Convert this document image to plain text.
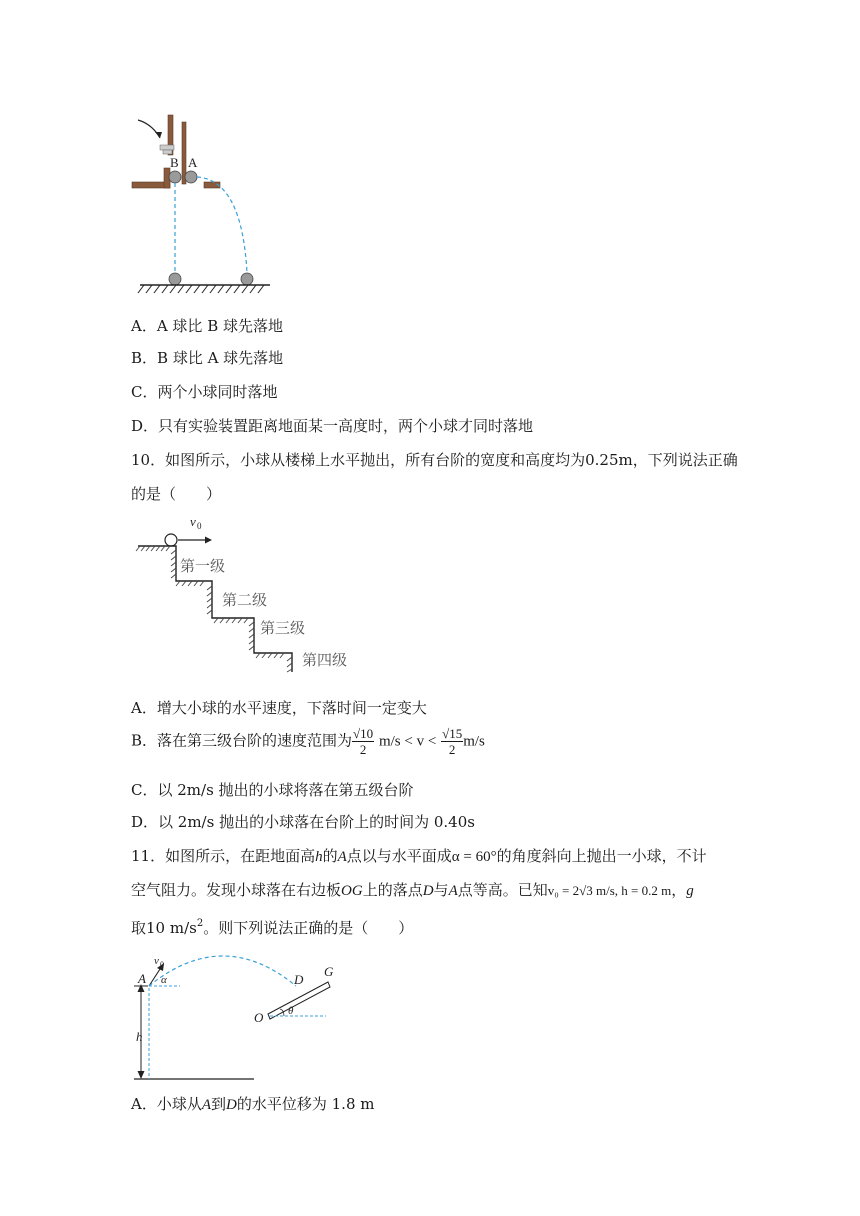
B A
A．A 球比 B 球先落地
B．B 球比 A 球先落地
C．两个小球同时落地
D．只有实验装置距离地面某一高度时，两个小球才同时落地
10．如图所示，小球从楼梯上水平抛出，所有台阶的宽度和高度均为0.25m，下列说法正确
的是（　　）
v 0
第一级
第二级
第三级
第四级
A．增大小球的水平速度，下落时间一定变大
B．落在第三级台阶的速度范围为 $\frac{√10}{2} m/s < v < \frac{√15}{2} m/s$
C．以 2m/s 抛出的小球将落在第五级台阶
D．以 2m/s 抛出的小球落在台阶上的时间为 0.40s
11．如图所示，在距地面高h的A点以与水平面成α = 60°的角度斜向上抛出一小球，不计
空气阻力。发现小球落在右边板OG上的落点D与A点等高。已知v₀ = 2√3 m/s, h = 0.2 m，g
取10 $m/s^2$。则下列说法正确的是（　　）
h
A α
v 0
θ
O
D
G
A．小球从A到D的水平位移为 1.8 m
